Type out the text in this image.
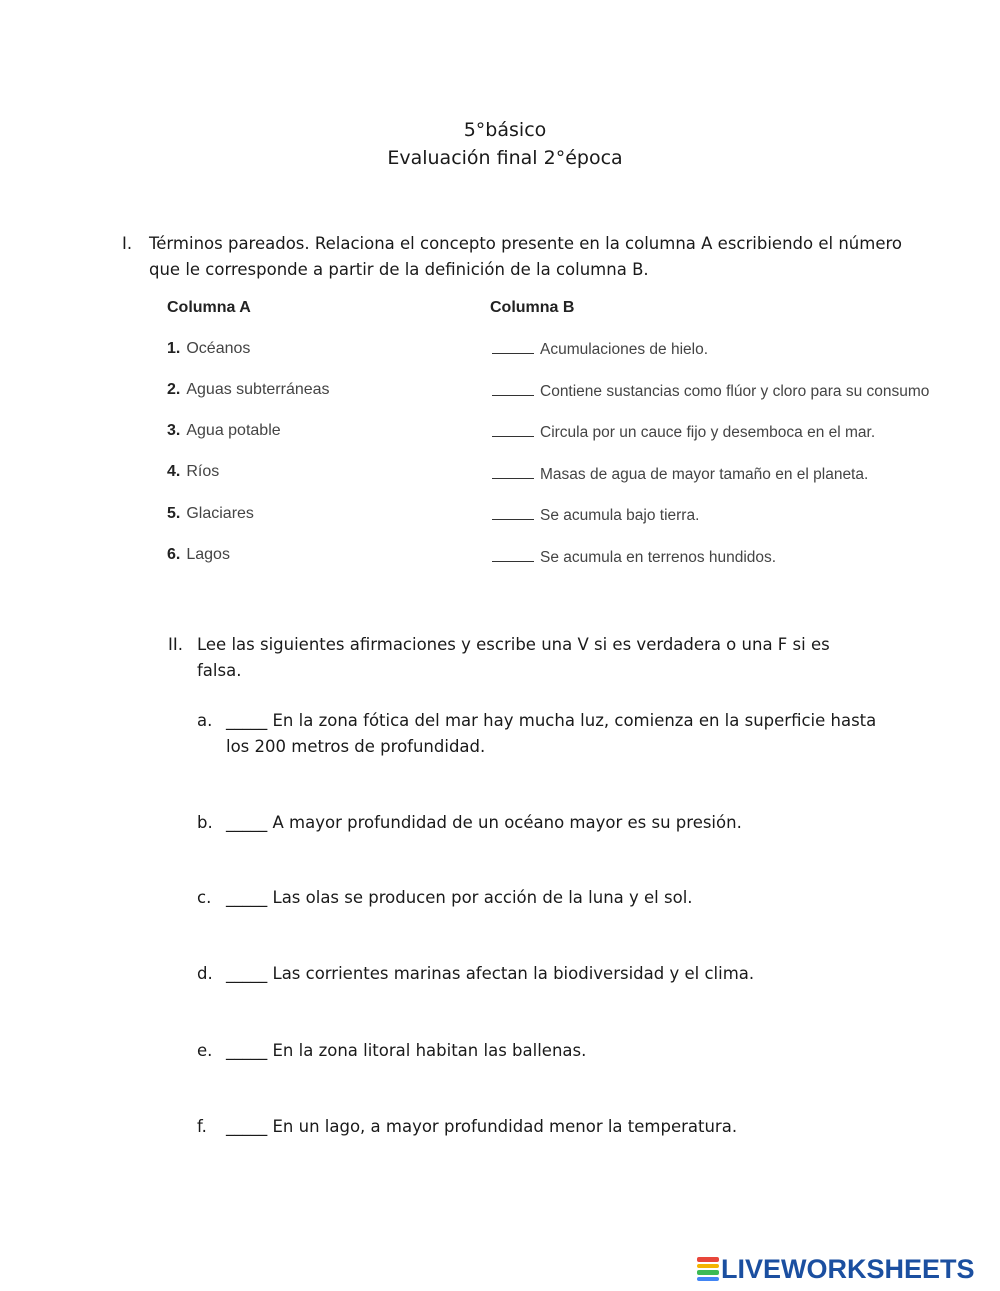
5°básico
Evaluación final 2°época
I. Términos pareados. Relaciona el concepto presente en la columna A escribiendo el número que le corresponde a partir de la definición de la columna B.
Columna A	Columna B
1. Océanos
2. Aguas subterráneas
3. Agua potable
4. Ríos
5. Glaciares
6. Lagos
Acumulaciones de hielo.
Contiene sustancias como flúor y cloro para su consumo
Circula por un cauce fijo y desemboca en el mar.
Masas de agua de mayor tamaño en el planeta.
Se acumula bajo tierra.
Se acumula en terrenos hundidos.
II. Lee las siguientes afirmaciones y escribe una V si es verdadera o una F si es falsa.
a. _____ En la zona fótica del mar hay mucha luz, comienza en la superficie hasta los 200 metros de profundidad.
b. _____ A mayor profundidad de un océano mayor es su presión.
c. _____ Las olas se producen por acción de la luna y el sol.
d. _____ Las corrientes marinas afectan la biodiversidad y el clima.
e. _____ En la zona litoral habitan las ballenas.
f. _____ En un lago, a mayor profundidad menor la temperatura.
LIVEWORKSHEETS
